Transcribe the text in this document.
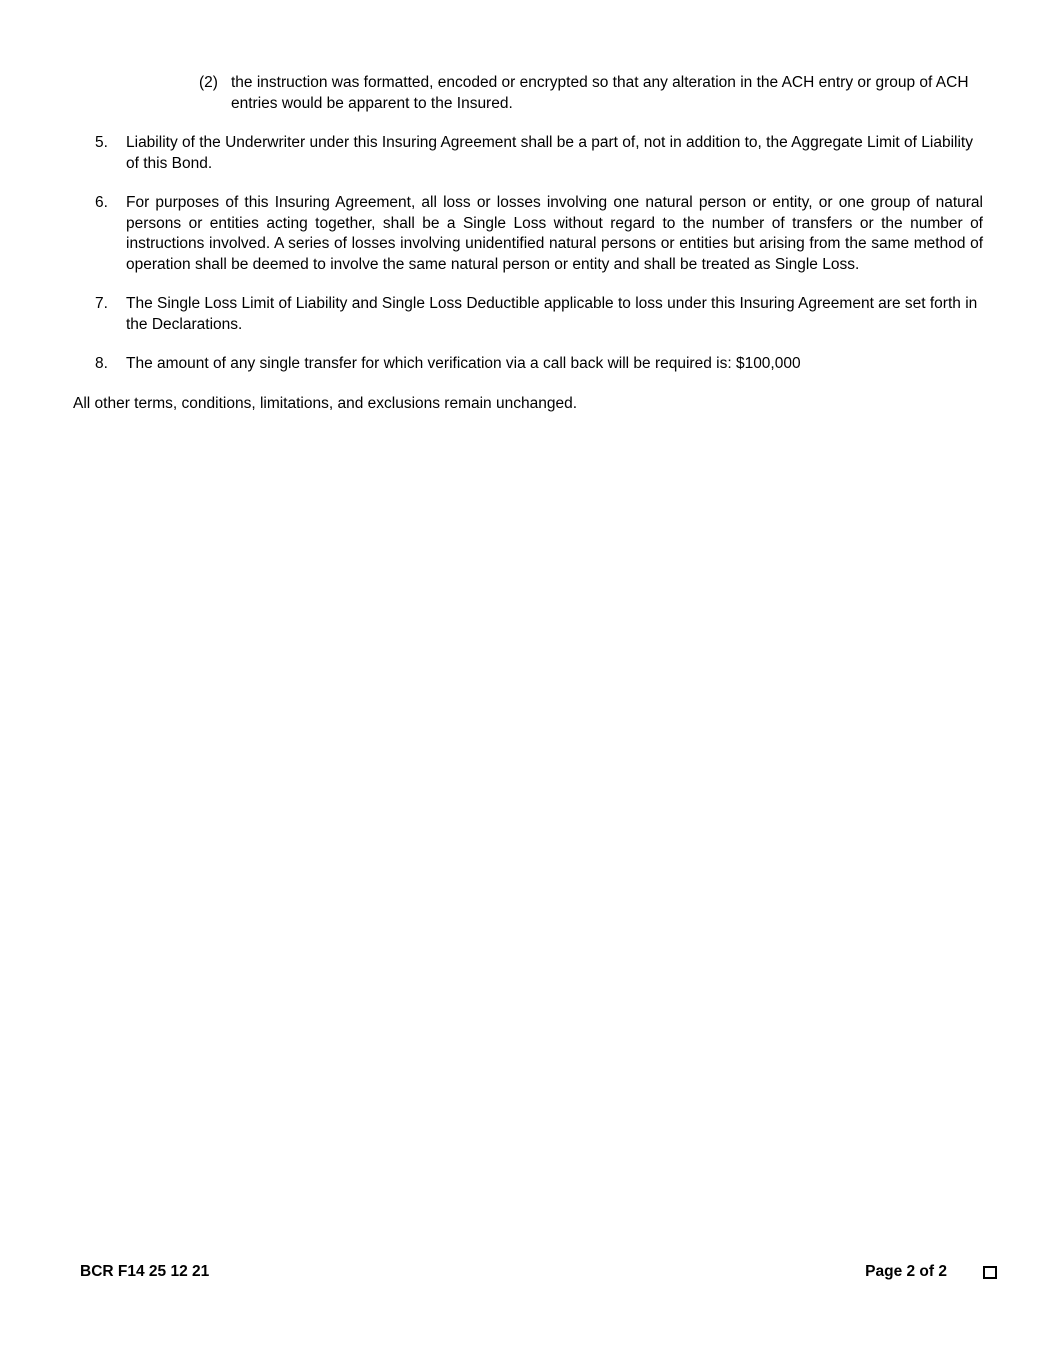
(2) the instruction was formatted, encoded or encrypted so that any alteration in the ACH entry or group of ACH entries would be apparent to the Insured.
5.	Liability of the Underwriter under this Insuring Agreement shall be a part of, not in addition to, the Aggregate Limit of Liability of this Bond.
6.	For purposes of this Insuring Agreement, all loss or losses involving one natural person or entity, or one group of natural persons or entities acting together, shall be a Single Loss without regard to the number of transfers or the number of instructions involved. A series of losses involving unidentified natural persons or entities but arising from the same method of operation shall be deemed to involve the same natural person or entity and shall be treated as Single Loss.
7.	The Single Loss Limit of Liability and Single Loss Deductible applicable to loss under this Insuring Agreement are set forth in the Declarations.
8.	The amount of any single transfer for which verification via a call back will be required is: $100,000
All other terms, conditions, limitations, and exclusions remain unchanged.
BCR F14 25 12 21	Page 2 of 2
